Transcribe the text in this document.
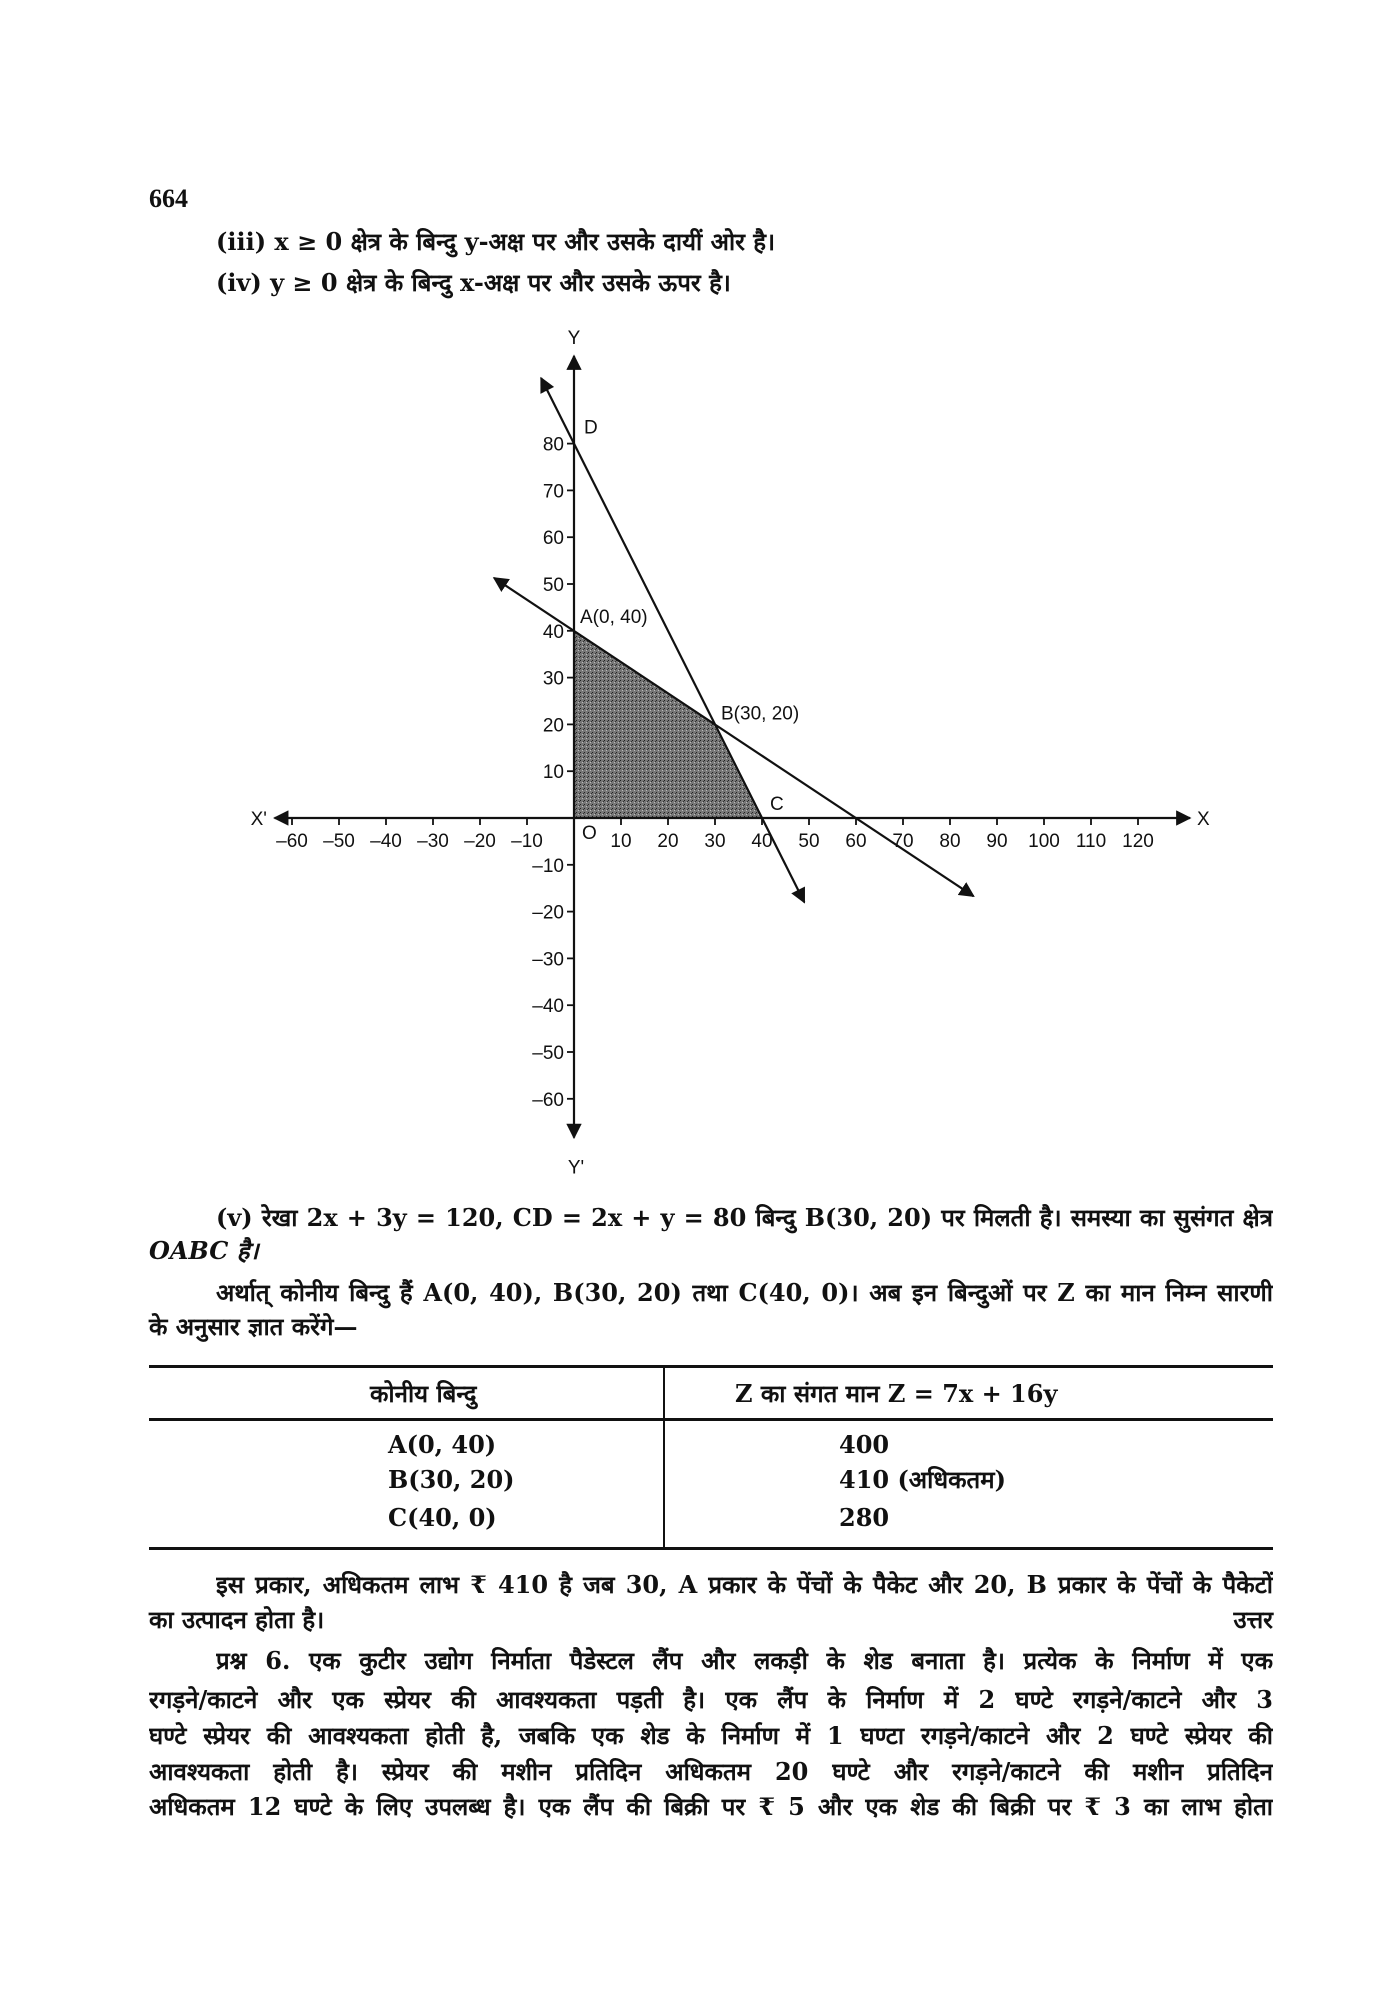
664
(iii) x ≥ 0 क्षेत्र के बिन्दु y-अक्ष पर और उसके दायीं ओर है।
(iv) y ≥ 0 क्षेत्र के बिन्दु x-अक्ष पर और उसके ऊपर है।
–60 –50 –40 –30 –20 –10	10 20 30 40 50 60 70 80 90 100 110 120
80
70
60
50
40
30
20
10
–10
–20
–30
–40
–50
–60
Y
Y'
X'	X
O
A(0, 40)
B(30, 20)
C
D
(v) रेखा 2x + 3y = 120, CD = 2x + y = 80 बिन्दु B(30, 20) पर मिलती है। समस्या का सुसंगत क्षेत्र
OABC है।
अर्थात् कोनीय बिन्दु हैं A(0, 40), B(30, 20) तथा C(40, 0)। अब इन बिन्दुओं पर Z का मान निम्न सारणी
के अनुसार ज्ञात करेंगे—
कोनीय बिन्दु	Z का संगत मान Z = 7x + 16y
A(0, 40)	400
B(30, 20)	410 (अधिकतम)
C(40, 0)	280
इस प्रकार, अधिकतम लाभ ₹ 410 है जब 30, A प्रकार के पेंचों के पैकेट और 20, B प्रकार के पेंचों के पैकेटों
का उत्पादन होता है।	उत्तर
प्रश्न 6. एक कुटीर उद्योग निर्माता पैडेस्टल लैंप और लकड़ी के शेड बनाता है। प्रत्येक के निर्माण में एक
रगड़ने/काटने और एक स्प्रेयर की आवश्यकता पड़ती है। एक लैंप के निर्माण में 2 घण्टे रगड़ने/काटने और 3
घण्टे स्प्रेयर की आवश्यकता होती है, जबकि एक शेड के निर्माण में 1 घण्टा रगड़ने/काटने और 2 घण्टे स्प्रेयर की
आवश्यकता होती है। स्प्रेयर की मशीन प्रतिदिन अधिकतम 20 घण्टे और रगड़ने/काटने की मशीन प्रतिदिन
अधिकतम 12 घण्टे के लिए उपलब्ध है। एक लैंप की बिक्री पर ₹ 5 और एक शेड की बिक्री पर ₹ 3 का लाभ होता
